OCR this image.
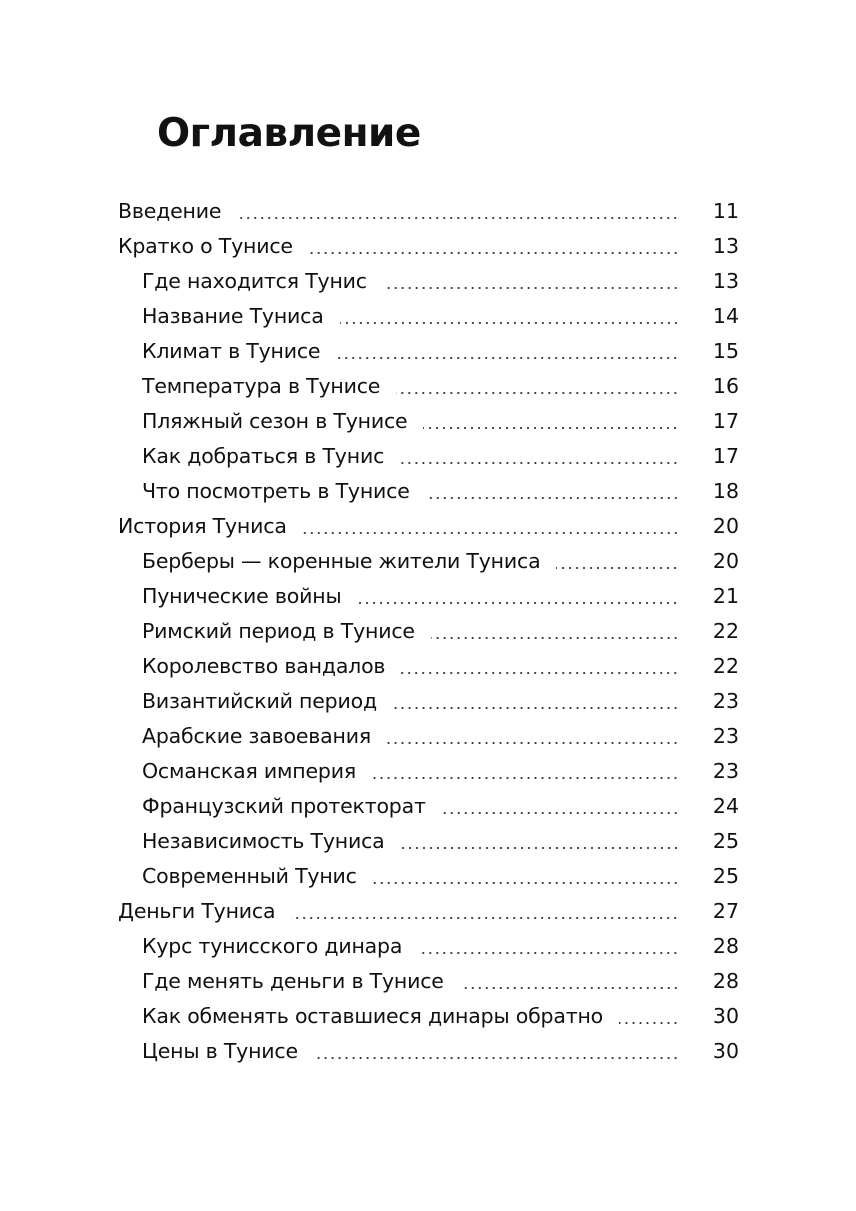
Оглавление
Введение	11
Кратко о Тунисе	13
Где находится Тунис	13
Название Туниса	14
Климат в Тунисе	15
Температура в Тунисе	16
Пляжный сезон в Тунисе	17
Как добраться в Тунис	17
Что посмотреть в Тунисе	18
История Туниса	20
Берберы — коренные жители Туниса	20
Пунические войны	21
Римский период в Тунисе	22
Королевство вандалов	22
Византийский период	23
Арабские завоевания	23
Османская империя	23
Французский протекторат	24
Независимость Туниса	25
Современный Тунис	25
Деньги Туниса	27
Курс тунисского динара	28
Где менять деньги в Тунисе	28
Как обменять оставшиеся динары обратно	30
Цены в Тунисе	30
